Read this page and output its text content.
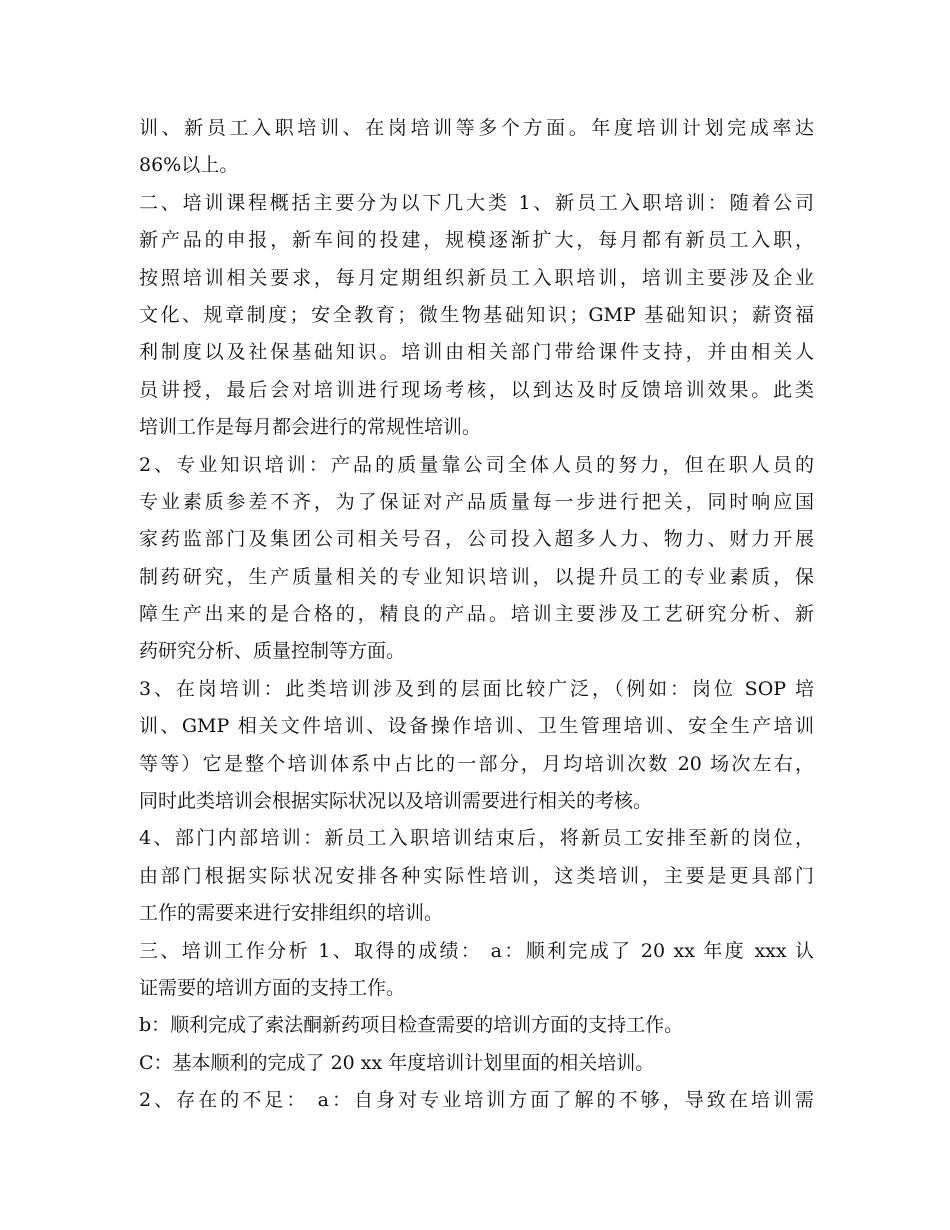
训、新员工入职培训、在岗培训等多个方面。年度培训计划完成率达
86%以上。
二、培训课程概括主要分为以下几大类 1、新员工入职培训：随着公司
新产品的申报，新车间的投建，规模逐渐扩大，每月都有新员工入职，
按照培训相关要求，每月定期组织新员工入职培训，培训主要涉及企业
文化、规章制度；安全教育；微生物基础知识；GMP 基础知识；薪资福
利制度以及社保基础知识。培训由相关部门带给课件支持，并由相关人
员讲授，最后会对培训进行现场考核，以到达及时反馈培训效果。此类
培训工作是每月都会进行的常规性培训。
2、专业知识培训：产品的质量靠公司全体人员的努力，但在职人员的
专业素质参差不齐，为了保证对产品质量每一步进行把关，同时响应国
家药监部门及集团公司相关号召，公司投入超多人力、物力、财力开展
制药研究，生产质量相关的专业知识培训，以提升员工的专业素质，保
障生产出来的是合格的，精良的产品。培训主要涉及工艺研究分析、新
药研究分析、质量控制等方面。
3、在岗培训：此类培训涉及到的层面比较广泛，（例如：岗位 SOP 培
训、GMP 相关文件培训、设备操作培训、卫生管理培训、安全生产培训
等等）它是整个培训体系中占比的一部分，月均培训次数 20 场次左右，
同时此类培训会根据实际状况以及培训需要进行相关的考核。
4、部门内部培训：新员工入职培训结束后，将新员工安排至新的岗位，
由部门根据实际状况安排各种实际性培训，这类培训，主要是更具部门
工作的需要来进行安排组织的培训。
三、培训工作分析 1、取得的成绩： a：顺利完成了 20 xx 年度 xxx 认
证需要的培训方面的支持工作。
b：顺利完成了索法酮新药项目检查需要的培训方面的支持工作。
C：基本顺利的完成了 20 xx 年度培训计划里面的相关培训。
2、存在的不足： a：自身对专业培训方面了解的不够，导致在培训需
